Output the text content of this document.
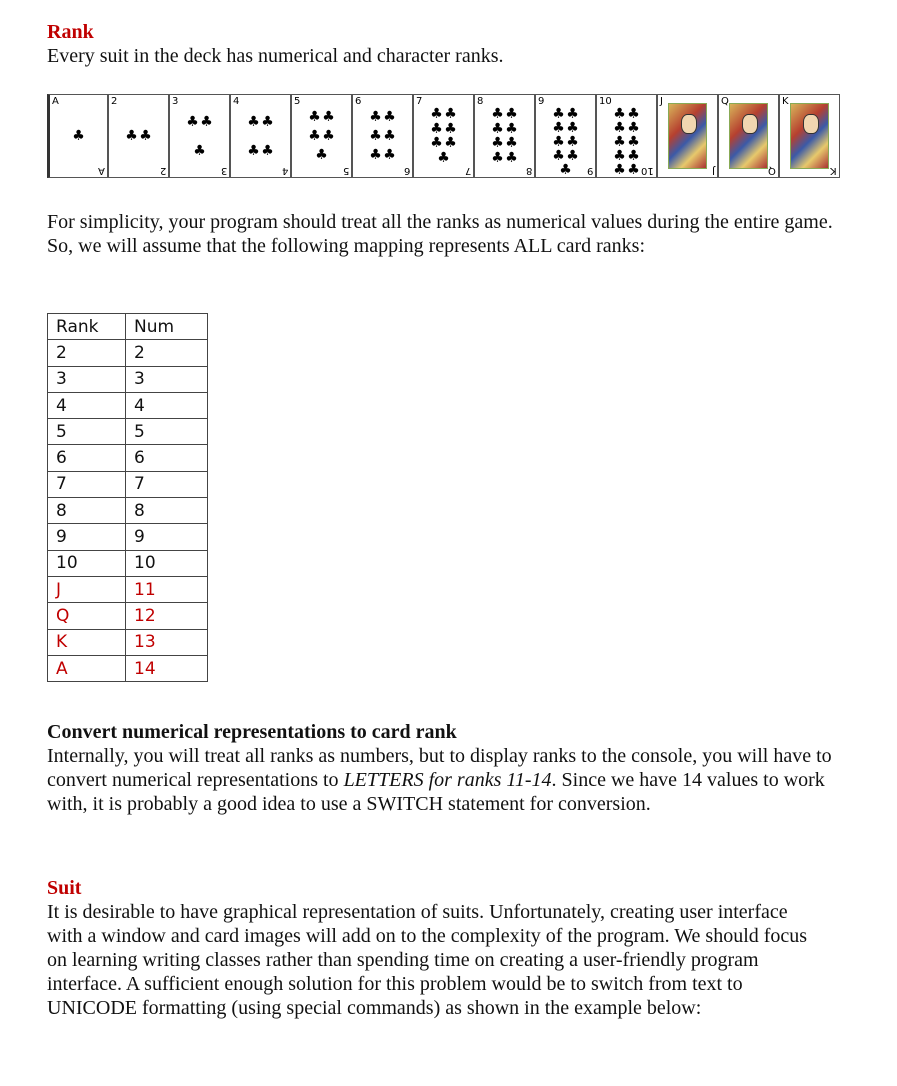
Rank

Every suit in the deck has numerical and character ranks.

A
A
♣
2
2
♣ ♣
3
3
♣ ♣
♣
4
4
♣ ♣
♣ ♣
5
5
♣ ♣
♣ ♣
♣
6
6
♣ ♣
♣ ♣
♣ ♣
7
7
♣ ♣
♣ ♣
♣ ♣
♣
8
8
♣ ♣
♣ ♣
♣ ♣
♣ ♣
9
9
♣ ♣
♣ ♣
♣ ♣
♣ ♣
♣
10
10
♣ ♣
♣ ♣
♣ ♣
♣ ♣
♣ ♣
J
J
Q
Q
K
K

For simplicity, your program should treat all the ranks as numerical values during the entire game. So, we will assume that the following mapping represents ALL card ranks:

Rank	Num
2	2
3	3
4	4
5	5
6	6
7	7
8	8
9	9
10	10
J	11
Q	12
K	13
A	14
Convert numerical representations to card rank

Internally, you will treat all ranks as numbers, but to display ranks to the console, you will have to convert numerical representations to LETTERS for ranks 11-14. Since we have 14 values to work with, it is probably a good idea to use a SWITCH statement for conversion.

Suit

It is desirable to have graphical representation of suits. Unfortunately, creating user interface with a window and card images will add on to the complexity of the program. We should focus on learning writing classes rather than spending time on creating a user-friendly program interface. A sufficient enough solution for this problem would be to switch from text to UNICODE formatting (using special commands) as shown in the example below:
